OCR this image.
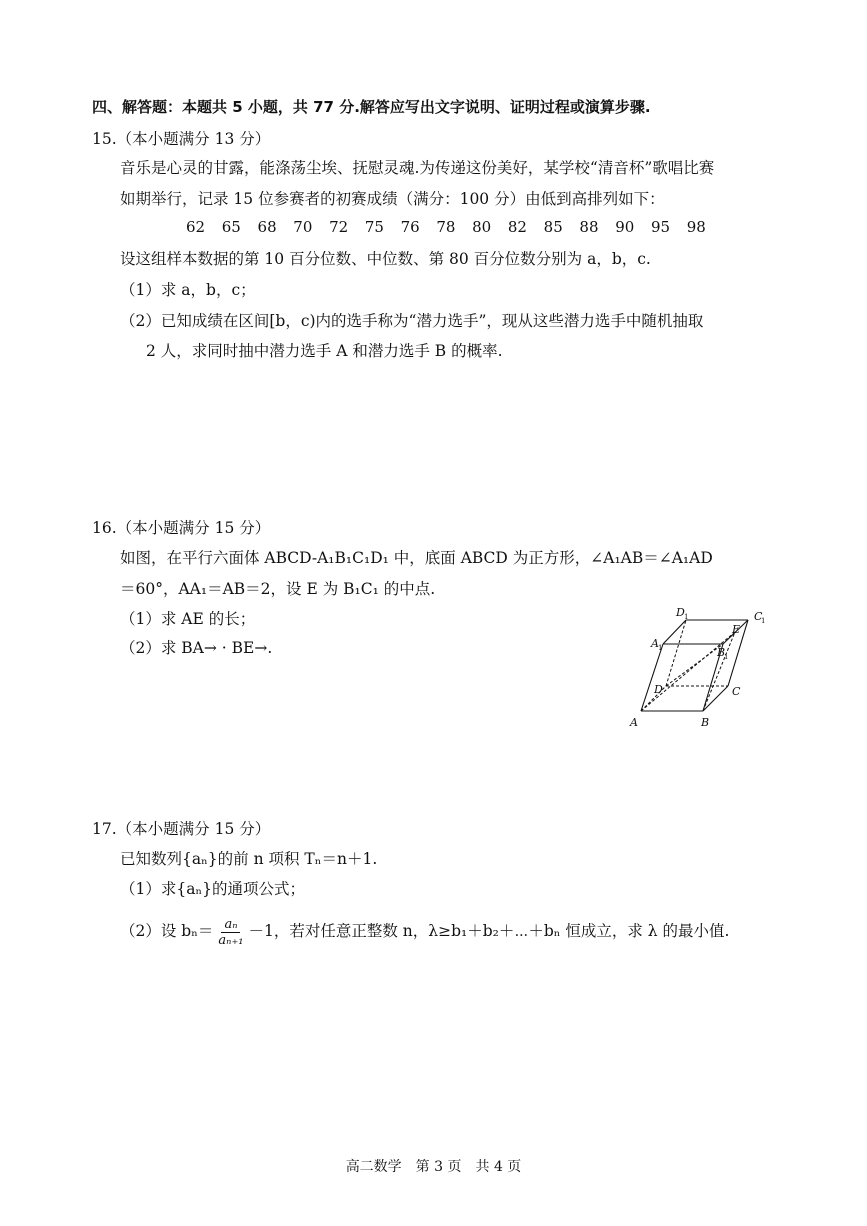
四、解答题：本题共 5 小题，共 77 分.解答应写出文字说明、证明过程或演算步骤.
15.（本小题满分 13 分）
音乐是心灵的甘露，能涤荡尘埃、抚慰灵魂.为传递这份美好，某学校“清音杯”歌唱比赛
如期举行，记录 15 位参赛者的初赛成绩（满分：100 分）由低到高排列如下：
62 65 68 70 72 75 76 78 80 82 85 88 90 95 98
设这组样本数据的第 10 百分位数、中位数、第 80 百分位数分别为 a，b，c.
（1）求 a，b，c；
（2）已知成绩在区间[b，c)内的选手称为“潜力选手”，现从这些潜力选手中随机抽取
2 人，求同时抽中潜力选手 A 和潜力选手 B 的概率.
16.（本小题满分 15 分）
如图，在平行六面体 ABCD-A₁B₁C₁D₁ 中，底面 ABCD 为正方形，∠A₁AB＝∠A₁AD
＝60°，AA₁＝AB＝2，设 E 为 B₁C₁ 的中点.
（1）求 AE 的长；
（2）求 BA→ · BE→.
A	B
C
D
A 1	B
1
C
1
D 1
E
17.（本小题满分 15 分）
已知数列{aₙ}的前 n 项积 Tₙ＝n＋1.
（1）求{aₙ}的通项公式；
（2）设 $b_n= \frac{\text{aₙ}}{\text{aₙ₊₁}} -1$，若对任意正整数 n，λ≥b₁＋b₂＋⋯＋bₙ 恒成立，求 λ 的最小值.
高二数学　第 3 页　共 4 页
